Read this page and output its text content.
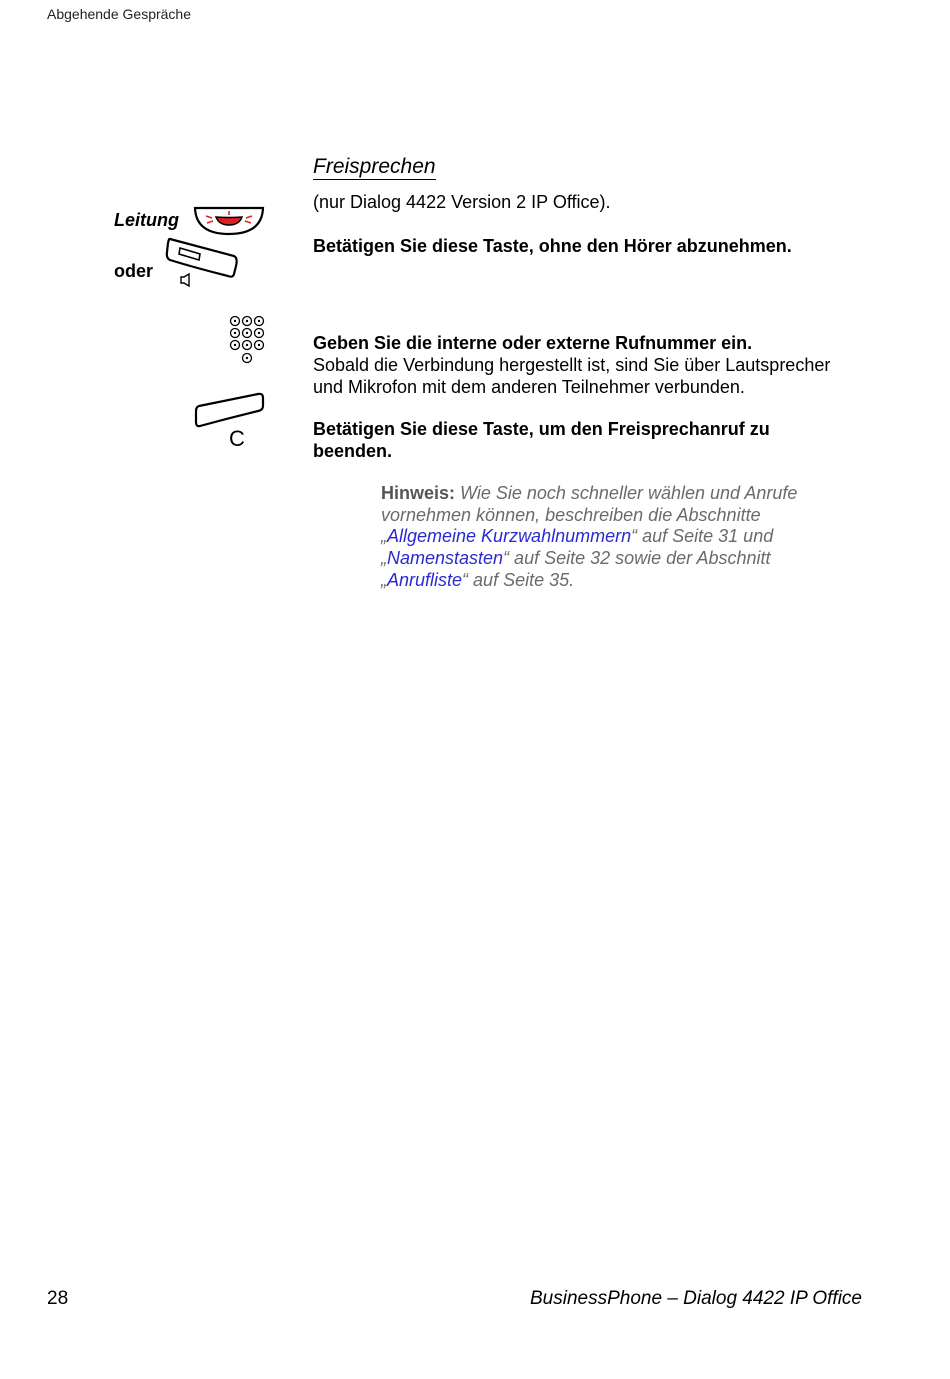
Abgehende Gespräche
Freisprechen
(nur Dialog 4422 Version 2 IP Office).
Leitung
oder
Betätigen Sie diese Taste, ohne den Hörer abzunehmen.
Geben Sie die interne oder externe Rufnummer ein.
Sobald die Verbindung hergestellt ist, sind Sie über Lautsprecher
und Mikrofon mit dem anderen Teilnehmer verbunden.
C	Betätigen Sie diese Taste, um den Freisprechanruf zu
beenden.
Hinweis: Wie Sie noch schneller wählen und Anrufe
vornehmen können, beschreiben die Abschnitte
„Allgemeine Kurzwahlnummern“ auf Seite 31 und
„Namenstasten“ auf Seite 32 sowie der Abschnitt
„Anrufliste“ auf Seite 35.
28	BusinessPhone – Dialog 4422 IP Office
